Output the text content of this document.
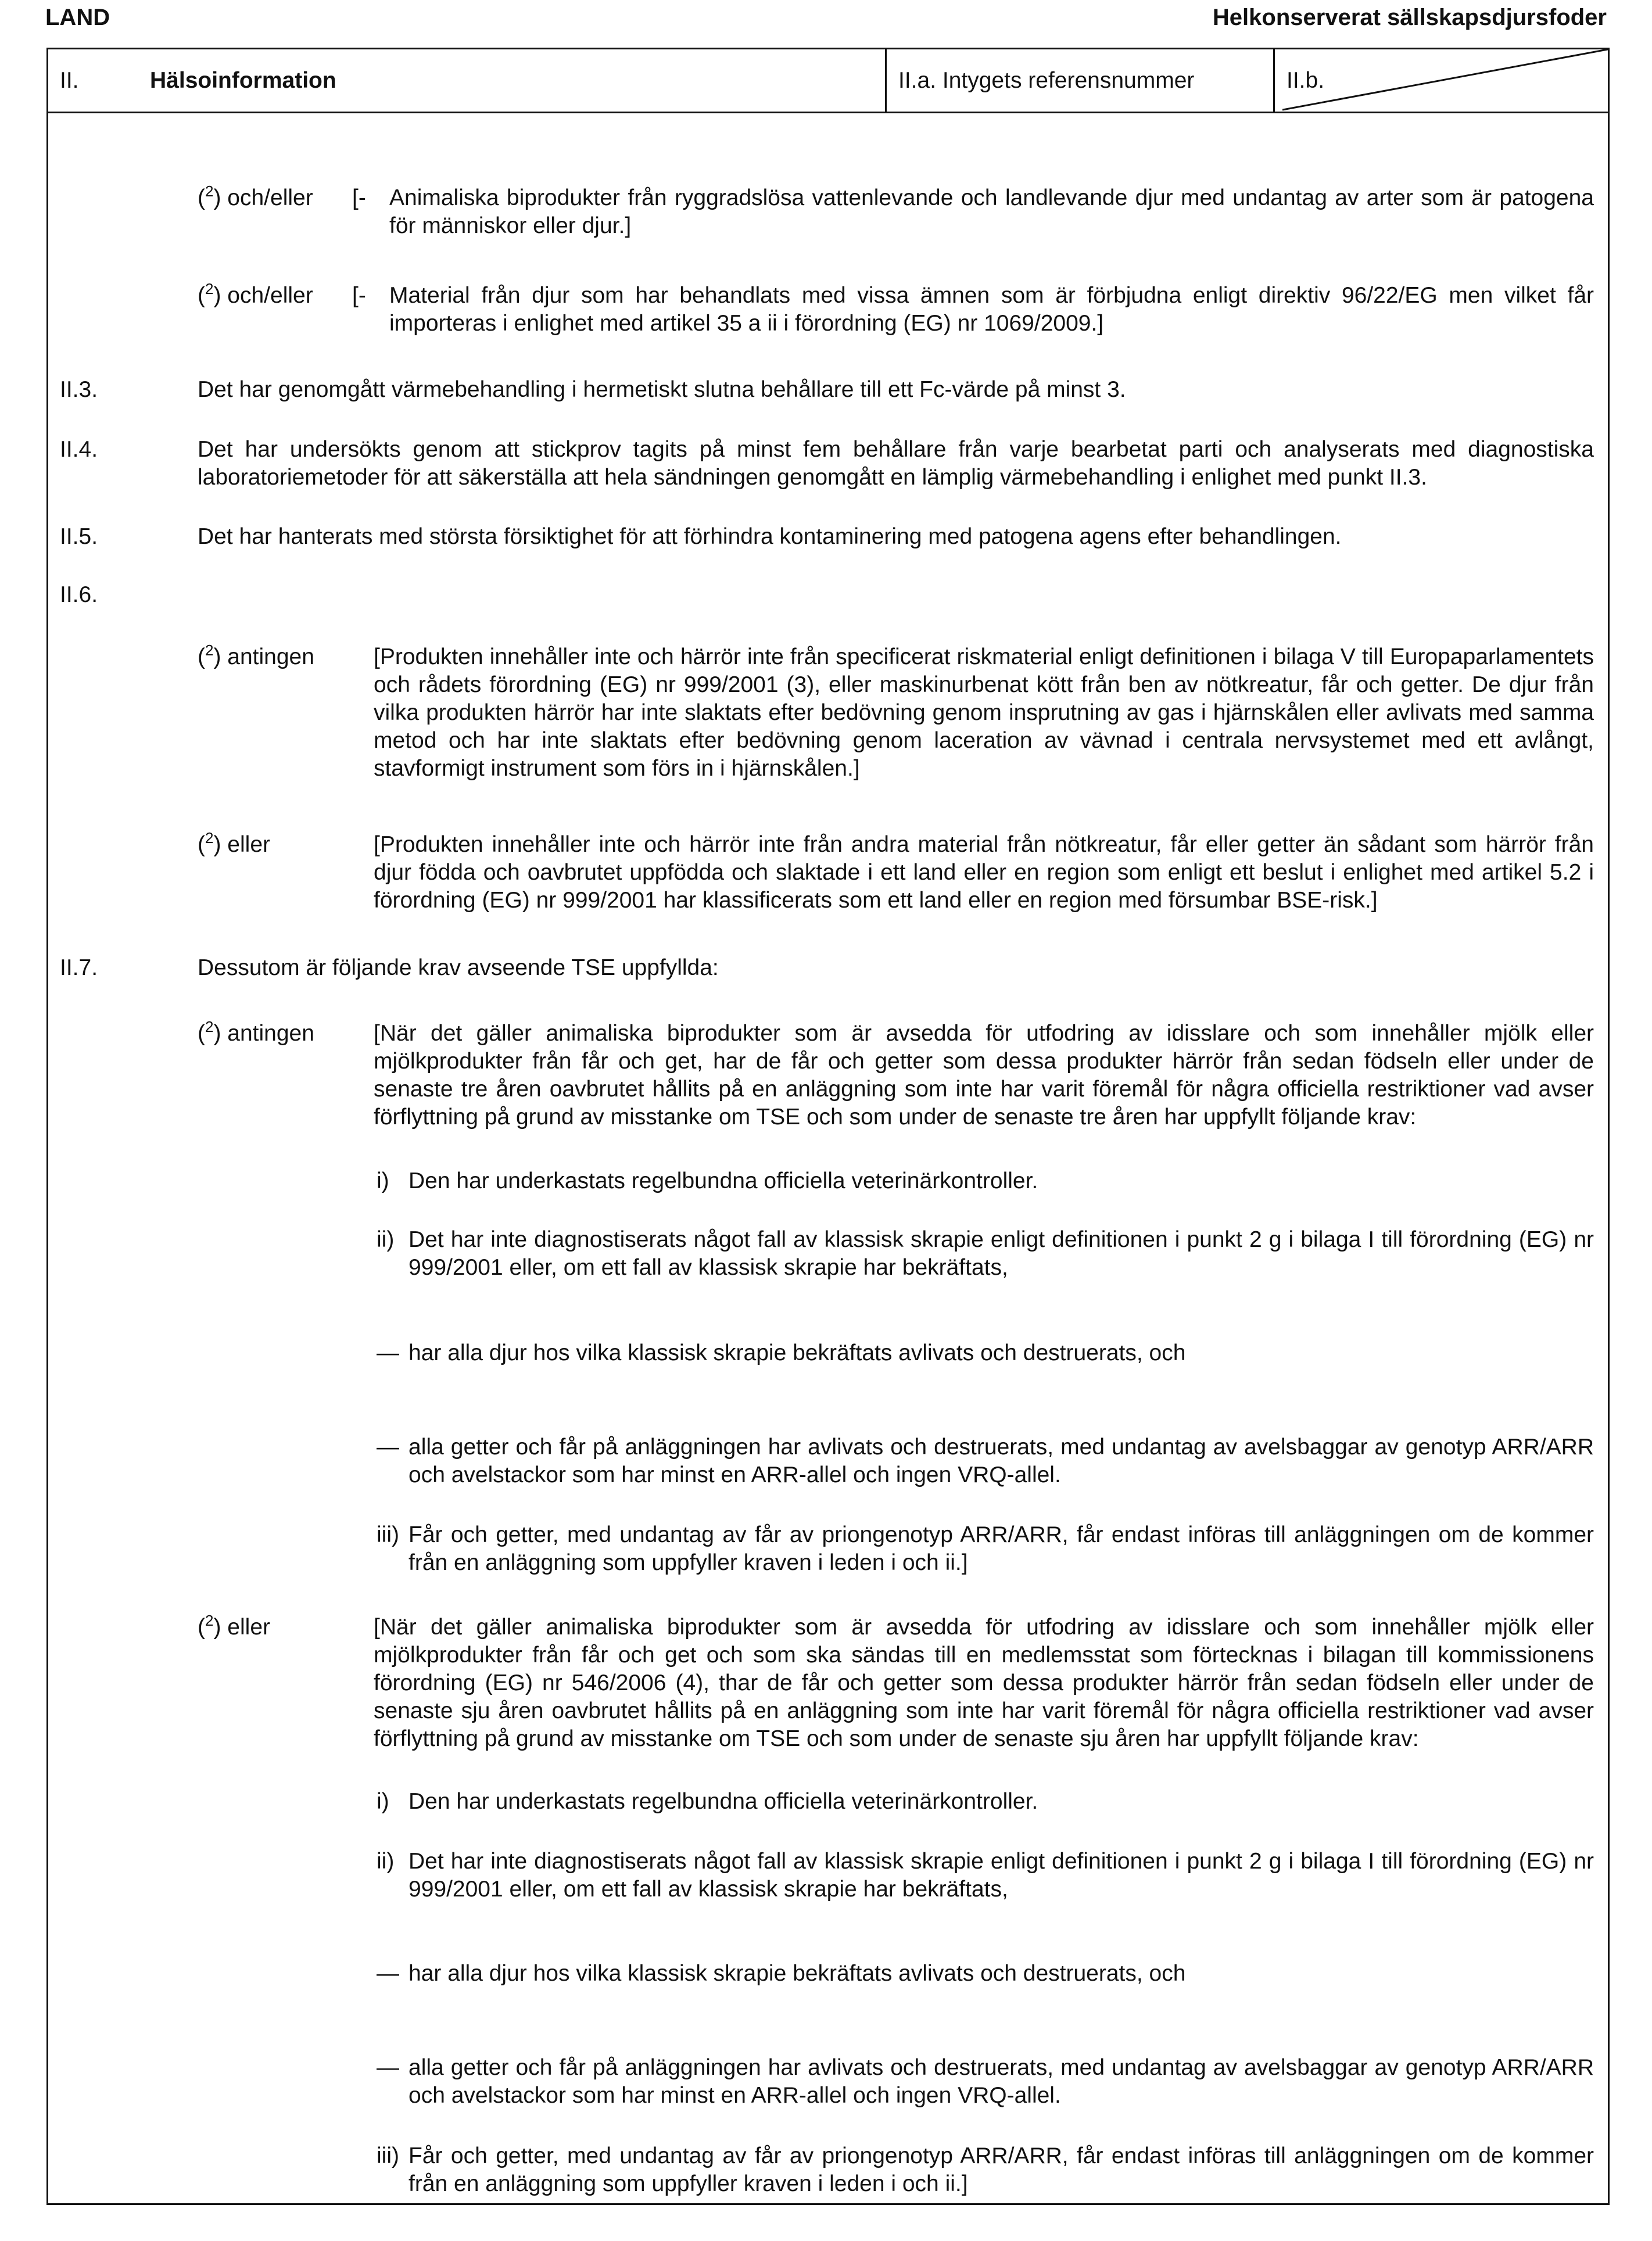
LAND	Helkonserverat sällskapsdjursfoder
II.	Hälsoinformation	II.a. Intygets referensnummer	II.b.
($^2$) och/eller [- Animaliska biprodukter från ryggradslösa vattenlevande och landlevande djur med undantag av arter som är patogena för människor eller djur.]

($^2$) och/eller [- Material från djur som har behandlats med vissa ämnen som är förbjudna enligt direktiv 96/22/EG men vilket får importeras i enlighet med artikel 35 a ii i förordning (EG) nr 1069/2009.]

II.3.	Det har genomgått värmebehandling i hermetiskt slutna behållare till ett Fc-värde på minst 3.

II.4.	Det har undersökts genom att stickprov tagits på minst fem behållare från varje bearbetat parti och analyserats med diagnostiska laboratoriemetoder för att säkerställa att hela sändningen genomgått en lämplig värmebehandling i enlighet med punkt II.3.

II.5.	Det har hanterats med största försiktighet för att förhindra kontaminering med patogena agens efter behandlingen.

II.6.
($^2$) antingen	[Produkten innehåller inte och härrör inte från specificerat riskmaterial enligt definitionen i bilaga V till Europaparlamentets och rådets förordning (EG) nr 999/2001 (3), eller maskinurbenat kött från ben av nötkreatur, får och getter. De djur från vilka produkten härrör har inte slaktats efter bedövning genom insprutning av gas i hjärnskålen eller avlivats med samma metod och har inte slaktats efter bedövning genom laceration av vävnad i centrala nervsystemet med ett avlångt, stavformigt instrument som förs in i hjärnskålen.]

($^2$) eller	[Produkten innehåller inte och härrör inte från andra material från nötkreatur, får eller getter än sådant som härrör från djur födda och oavbrutet uppfödda och slaktade i ett land eller en region som enligt ett beslut i enlighet med artikel 5.2 i förordning (EG) nr 999/2001 har klassificerats som ett land eller en region med försumbar BSE-risk.]

II.7.	Dessutom är följande krav avseende TSE uppfyllda:

($^2$) antingen	[När det gäller animaliska biprodukter som är avsedda för utfodring av idisslare och som innehåller mjölk eller mjölkprodukter från får och get, har de får och getter som dessa produkter härrör från sedan födseln eller under de senaste tre åren oavbrutet hållits på en anläggning som inte har varit föremål för några officiella restriktioner vad avser förflyttning på grund av misstanke om TSE och som under de senaste tre åren har uppfyllt följande krav:

i) Den har underkastats regelbundna officiella veterinärkontroller.

ii) Det har inte diagnostiserats något fall av klassisk skrapie enligt definitionen i punkt 2 g i bilaga I till förordning (EG) nr 999/2001 eller, om ett fall av klassisk skrapie har bekräftats,

— har alla djur hos vilka klassisk skrapie bekräftats avlivats och destruerats, och

— alla getter och får på anläggningen har avlivats och destruerats, med undantag av avelsbaggar av genotyp ARR/ARR och avelstackor som har minst en ARR-allel och ingen VRQ-allel.

iii) Får och getter, med undantag av får av priongenotyp ARR/ARR, får endast införas till anläggningen om de kommer från en anläggning som uppfyller kraven i leden i och ii.]

($^2$) eller	[När det gäller animaliska biprodukter som är avsedda för utfodring av idisslare och som innehåller mjölk eller mjölkprodukter från får och get och som ska sändas till en medlemsstat som förtecknas i bilagan till kommissionens förordning (EG) nr 546/2006 (4), thar de får och getter som dessa produkter härrör från sedan födseln eller under de senaste sju åren oavbrutet hållits på en anläggning som inte har varit föremål för några officiella restriktioner vad avser förflyttning på grund av misstanke om TSE och som under de senaste sju åren har uppfyllt följande krav:

i) Den har underkastats regelbundna officiella veterinärkontroller.

ii) Det har inte diagnostiserats något fall av klassisk skrapie enligt definitionen i punkt 2 g i bilaga I till förordning (EG) nr 999/2001 eller, om ett fall av klassisk skrapie har bekräftats,

— har alla djur hos vilka klassisk skrapie bekräftats avlivats och destruerats, och

— alla getter och får på anläggningen har avlivats och destruerats, med undantag av avelsbaggar av genotyp ARR/ARR och avelstackor som har minst en ARR-allel och ingen VRQ-allel.

iii) Får och getter, med undantag av får av priongenotyp ARR/ARR, får endast införas till anläggningen om de kommer från en anläggning som uppfyller kraven i leden i och ii.]
